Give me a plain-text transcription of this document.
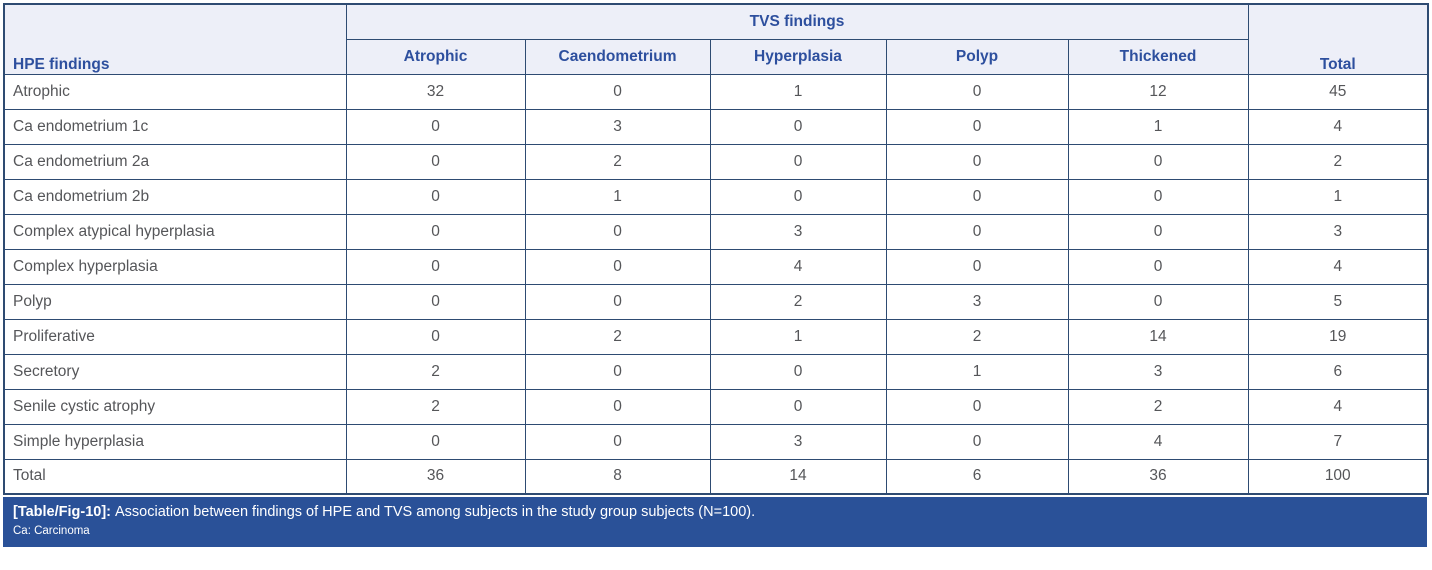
HPE findings	TVS findings					Total
	Atrophic	Caendometrium	Hyperplasia	Polyp	Thickened	
Atrophic	32	0	1	0	12	45
Ca endometrium 1c	0	3	0	0	1	4
Ca endometrium 2a	0	2	0	0	0	2
Ca endometrium 2b	0	1	0	0	0	1
Complex atypical hyperplasia	0	0	3	0	0	3
Complex hyperplasia	0	0	4	0	0	4
Polyp	0	0	2	3	0	5
Proliferative	0	2	1	2	14	19
Secretory	2	0	0	1	3	6
Senile cystic atrophy	2	0	0	0	2	4
Simple hyperplasia	0	0	3	0	4	7
Total	36	8	14	6	36	100
[Table/Fig-10]: Association between findings of HPE and TVS among subjects in the study group subjects (N=100).
Ca: Carcinoma
